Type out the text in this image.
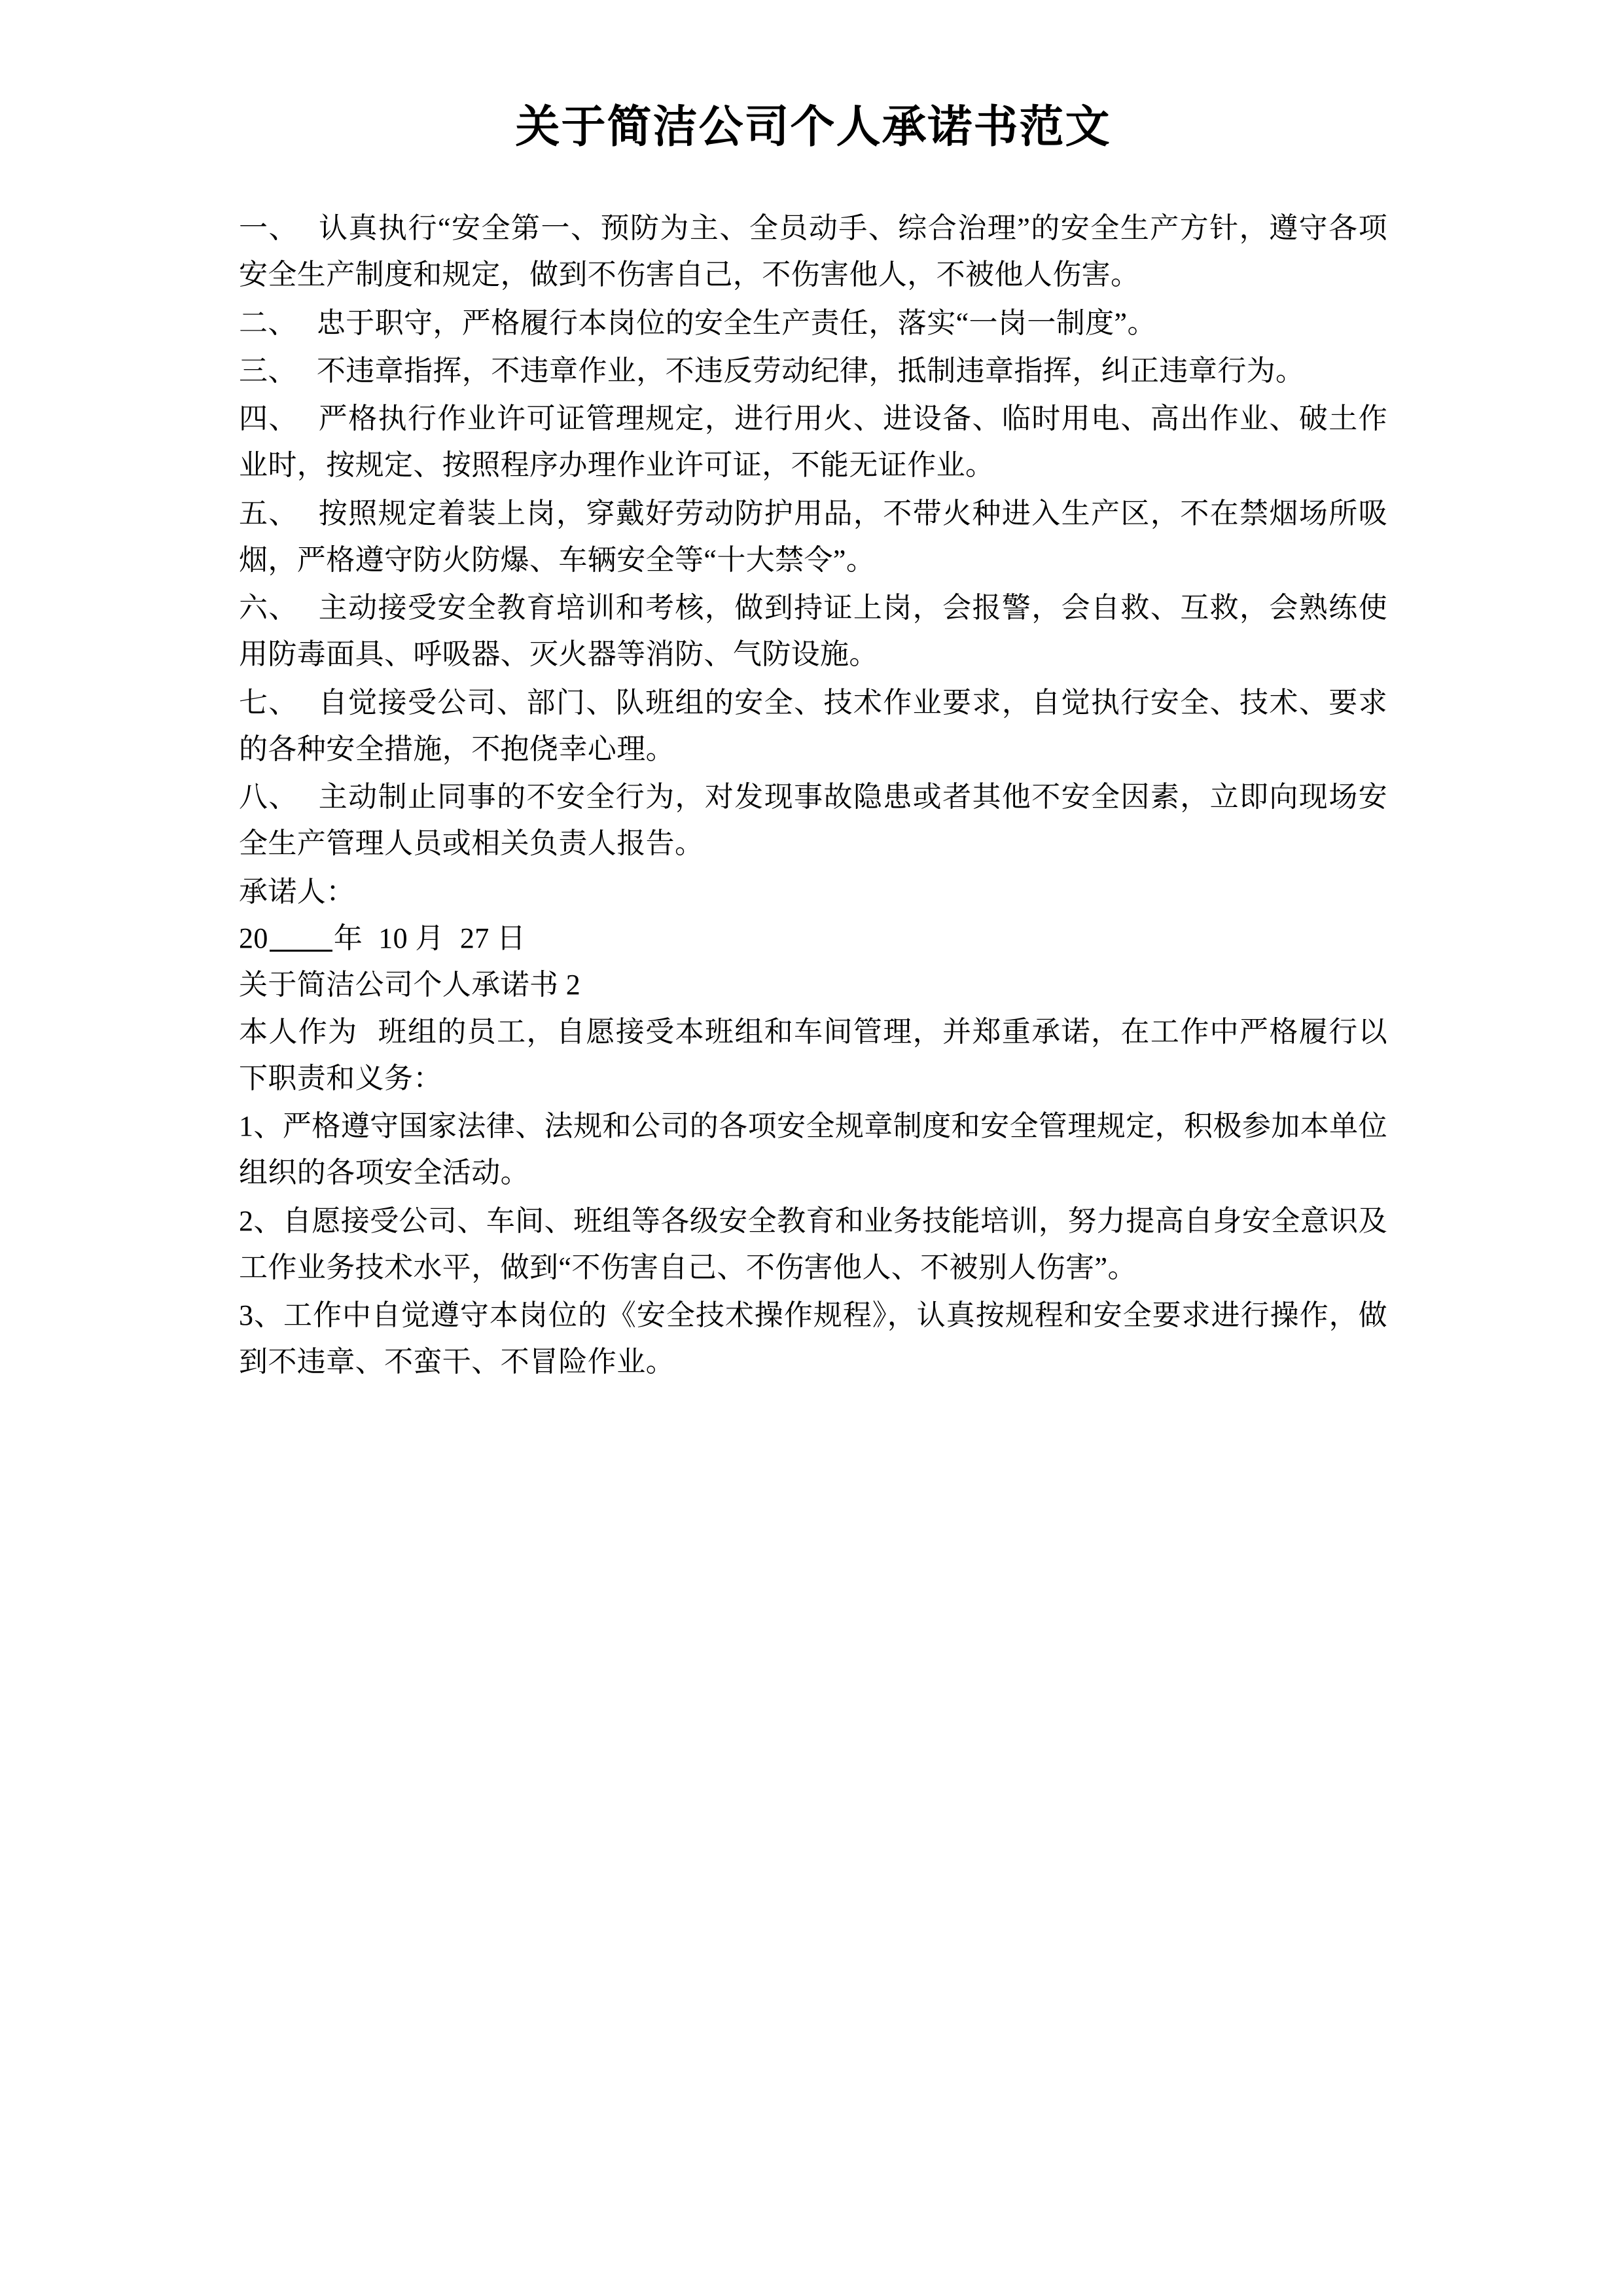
关于简洁公司个人承诺书范文

一、 认真执行“安全第一、预防为主、全员动手、综合治理”的安全生产方针，遵守各项安全生产制度和规定，做到不伤害自己，不伤害他人，不被他人伤害。

二、 忠于职守，严格履行本岗位的安全生产责任，落实“一岗一制度”。

三、 不违章指挥，不违章作业，不违反劳动纪律，抵制违章指挥，纠正违章行为。

四、 严格执行作业许可证管理规定，进行用火、进设备、临时用电、高出作业、破土作业时，按规定、按照程序办理作业许可证，不能无证作业。

五、 按照规定着装上岗，穿戴好劳动防护用品，不带火种进入生产区，不在禁烟场所吸烟，严格遵守防火防爆、车辆安全等“十大禁令”。

六、 主动接受安全教育培训和考核，做到持证上岗，会报警，会自救、互救，会熟练使用防毒面具、呼吸器、灭火器等消防、气防设施。

七、 自觉接受公司、部门、队班组的安全、技术作业要求，自觉执行安全、技术、要求的各种安全措施，不抱侥幸心理。

八、 主动制止同事的不安全行为，对发现事故隐患或者其他不安全因素，立即向现场安全生产管理人员或相关负责人报告。

承诺人：

20 年 10 月 27 日

关于简洁公司个人承诺书 2

本人作为 班组的员工，自愿接受本班组和车间管理，并郑重承诺，在工作中严格履行以下职责和义务：

1、严格遵守国家法律、法规和公司的各项安全规章制度和安全管理规定，积极参加本单位组织的各项安全活动。

2、自愿接受公司、车间、班组等各级安全教育和业务技能培训，努力提高自身安全意识及工作业务技术水平，做到“不伤害自己、不伤害他人、不被别人伤害”。

3、工作中自觉遵守本岗位的《安全技术操作规程》，认真按规程和安全要求进行操作，做到不违章、不蛮干、不冒险作业。
